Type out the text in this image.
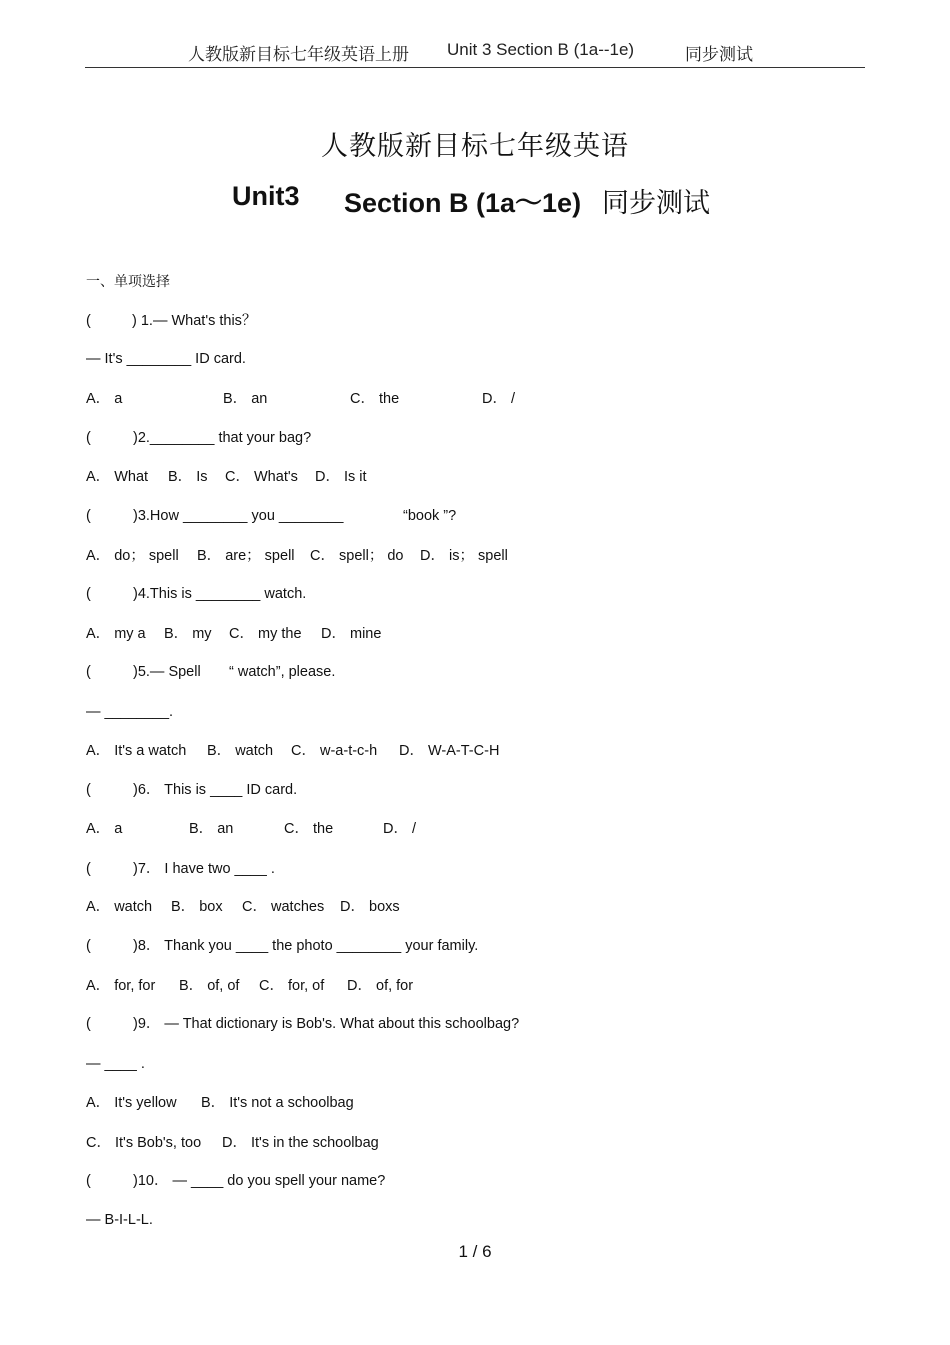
人教版新目标七年级英语上册 Unit 3 Section B (1a--1e)	同步测试
人教版新目标七年级英语
Unit3 Section B (1a～1e) 同步测试
一、单项选择

(

	) 1.— What's this？

— It's ________ ID card.

A． a

	B． an

	C． the

	D． /

(

	)2.________ that your bag?

A． What

B． Is

C． What's

D． Is it

(

	)3.How ________ you ________

	“book ”?

A． do； spell

B． are； spell

C． spell； do

D． is； spell

(

	)4.This is ________ watch.

A． my a

B． my

C． my the

D． mine

(

	)5.— Spell

“ watch”, please.

— ________.

A． It's a watch

B． watch

C． w-a-t-c-h

D． W-A-T-C-H

(

	)6． This is ____ ID card.

A． a

	B． an

	C． the

	D． /

(

	)7． I have two ____ .

A． watch

B． box

C． watches

D． boxs

(

	)8． Thank you ____ the photo ________ your family.

A． for, for

B． of, of

C． for, of

D． of, for

(

	)9． — That dictionary is Bob's. What about this schoolbag?

— ____ .

A． It's yellow

B． It's not a schoolbag

C． It's Bob's, too

D． It's in the schoolbag

(

	)10． — ____ do you spell your name?

— B-I-L-L.

1 / 6
